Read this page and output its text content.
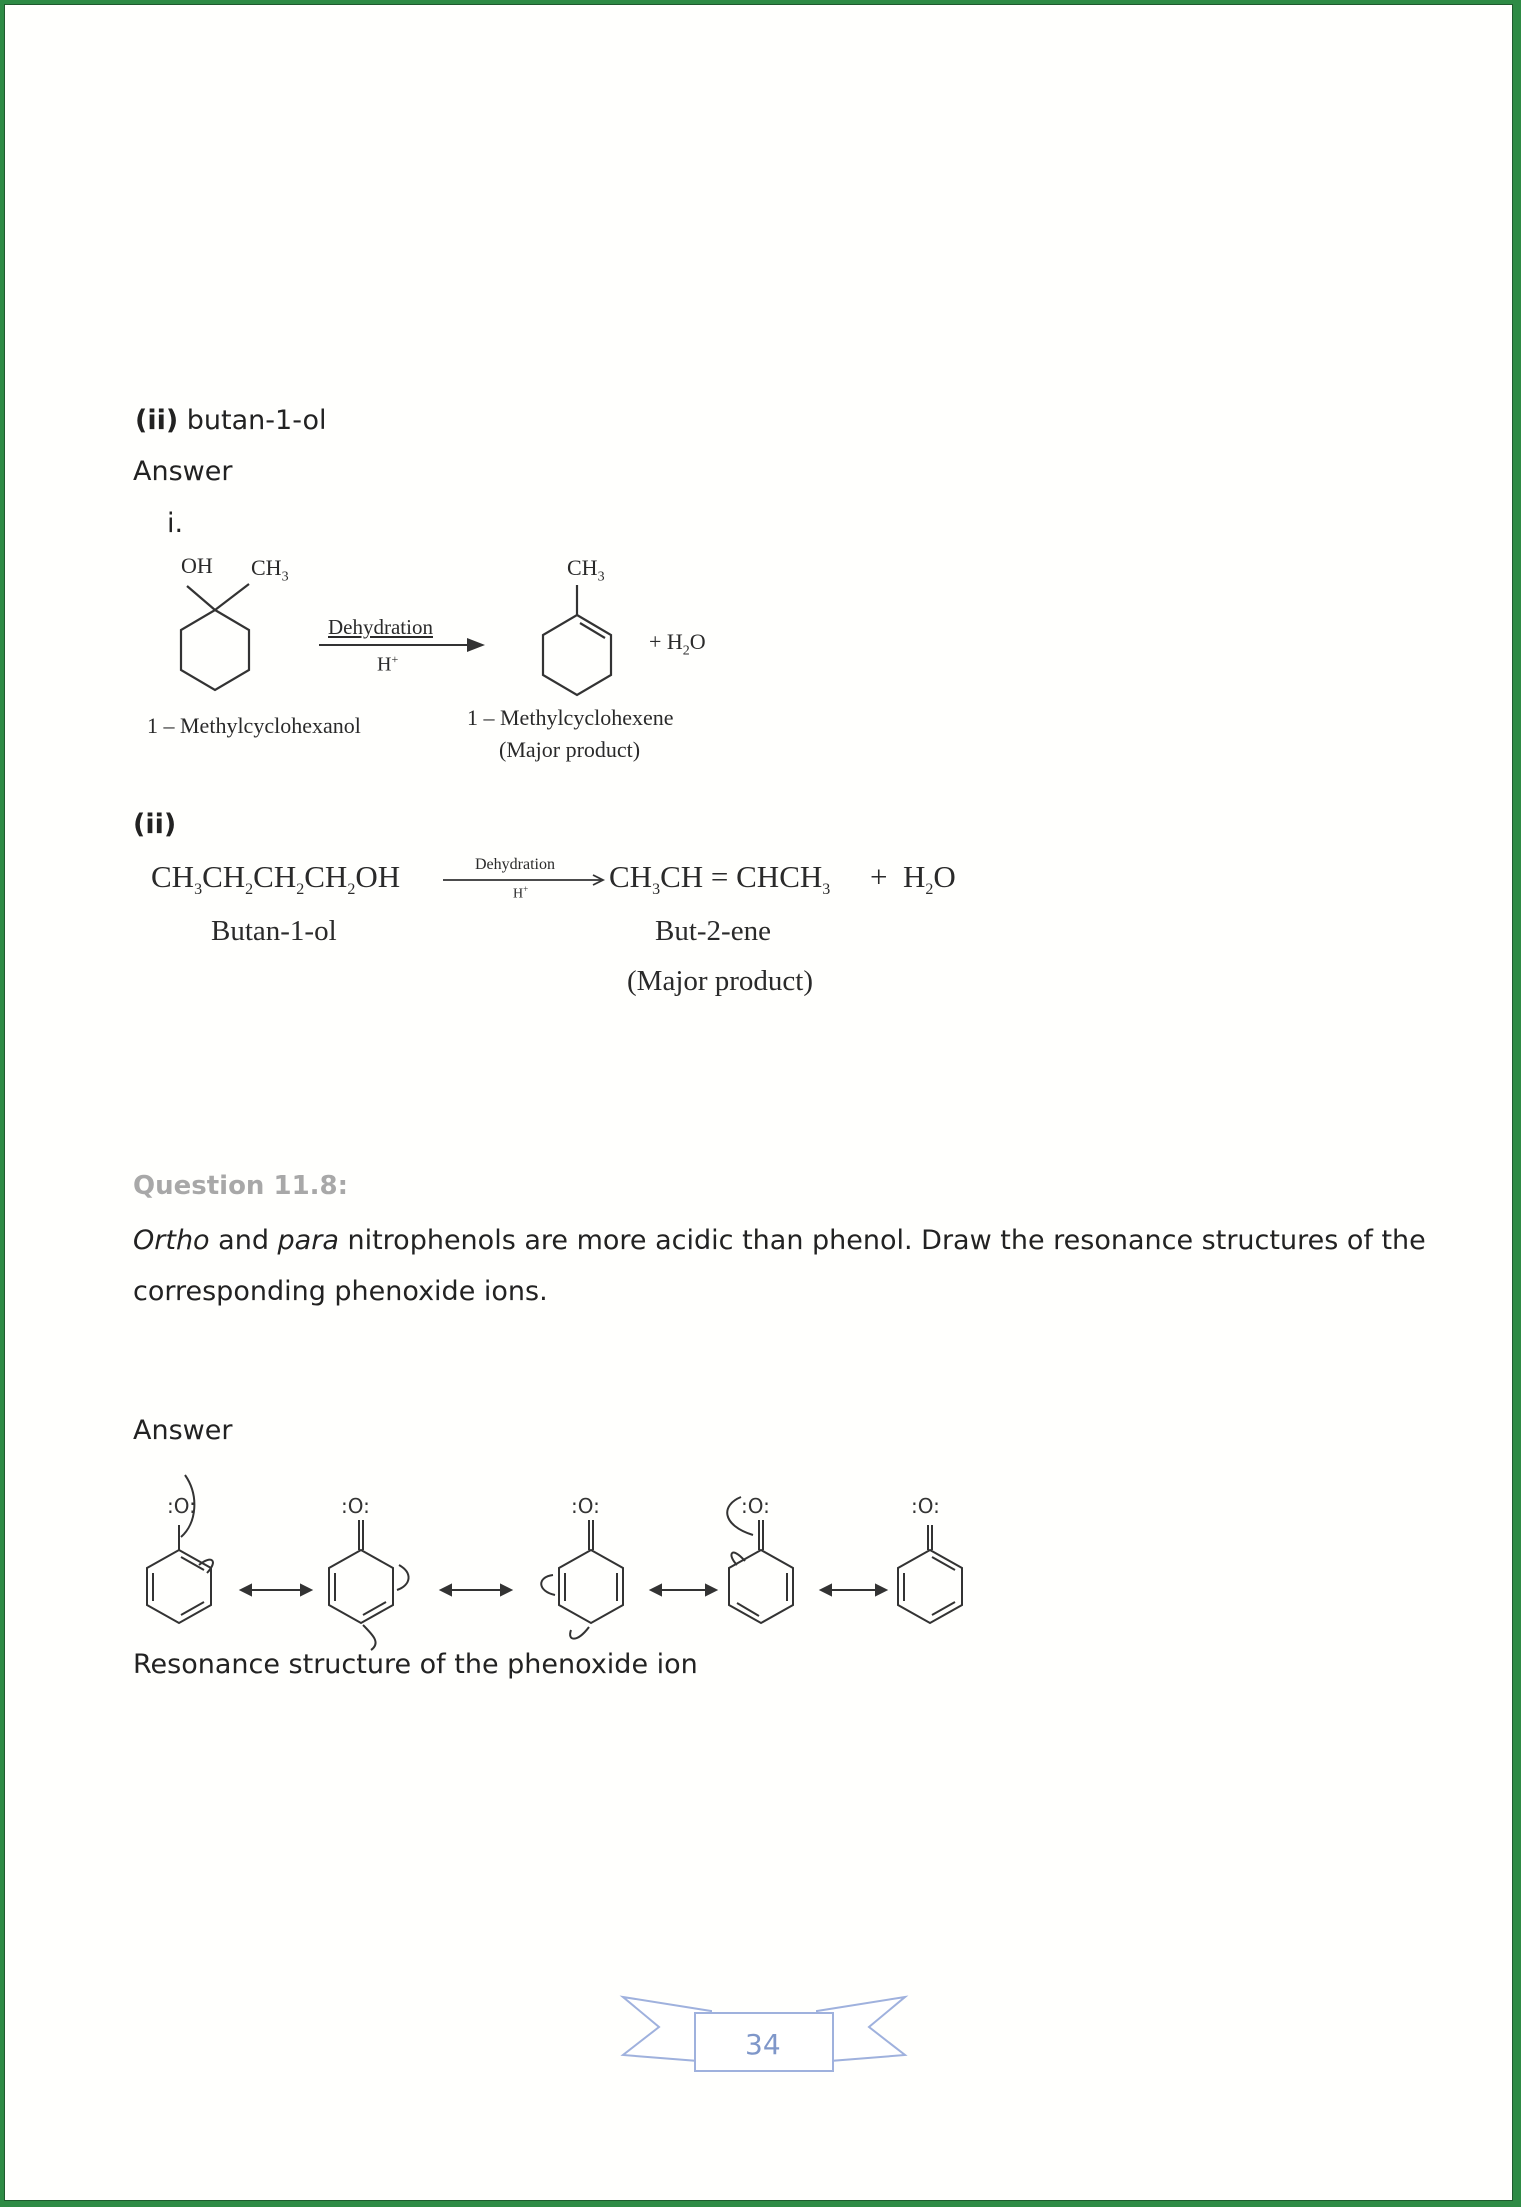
(ii) butan-1-ol
Answer
i.
OH $CH_3$
1 – Methylcyclohexanol
Dehydration
H+
$CH_3$
+ $H_2O$
1 – Methylcyclohexene
(Major product)
(ii)
$CH_3CH_2CH_2CH_2OH$	Dehydration
H+	$CH_3CH$ = $CHCH_3 + H_2O$
Butan-1-ol	But-2-ene
(Major product)
Question 11.8:
Ortho and para nitrophenols are more acidic than phenol. Draw the resonance structures of the corresponding phenoxide ions.
Answer
:O:	:O:	:O:	:O:	:O:
Resonance structure of the phenoxide ion
34
